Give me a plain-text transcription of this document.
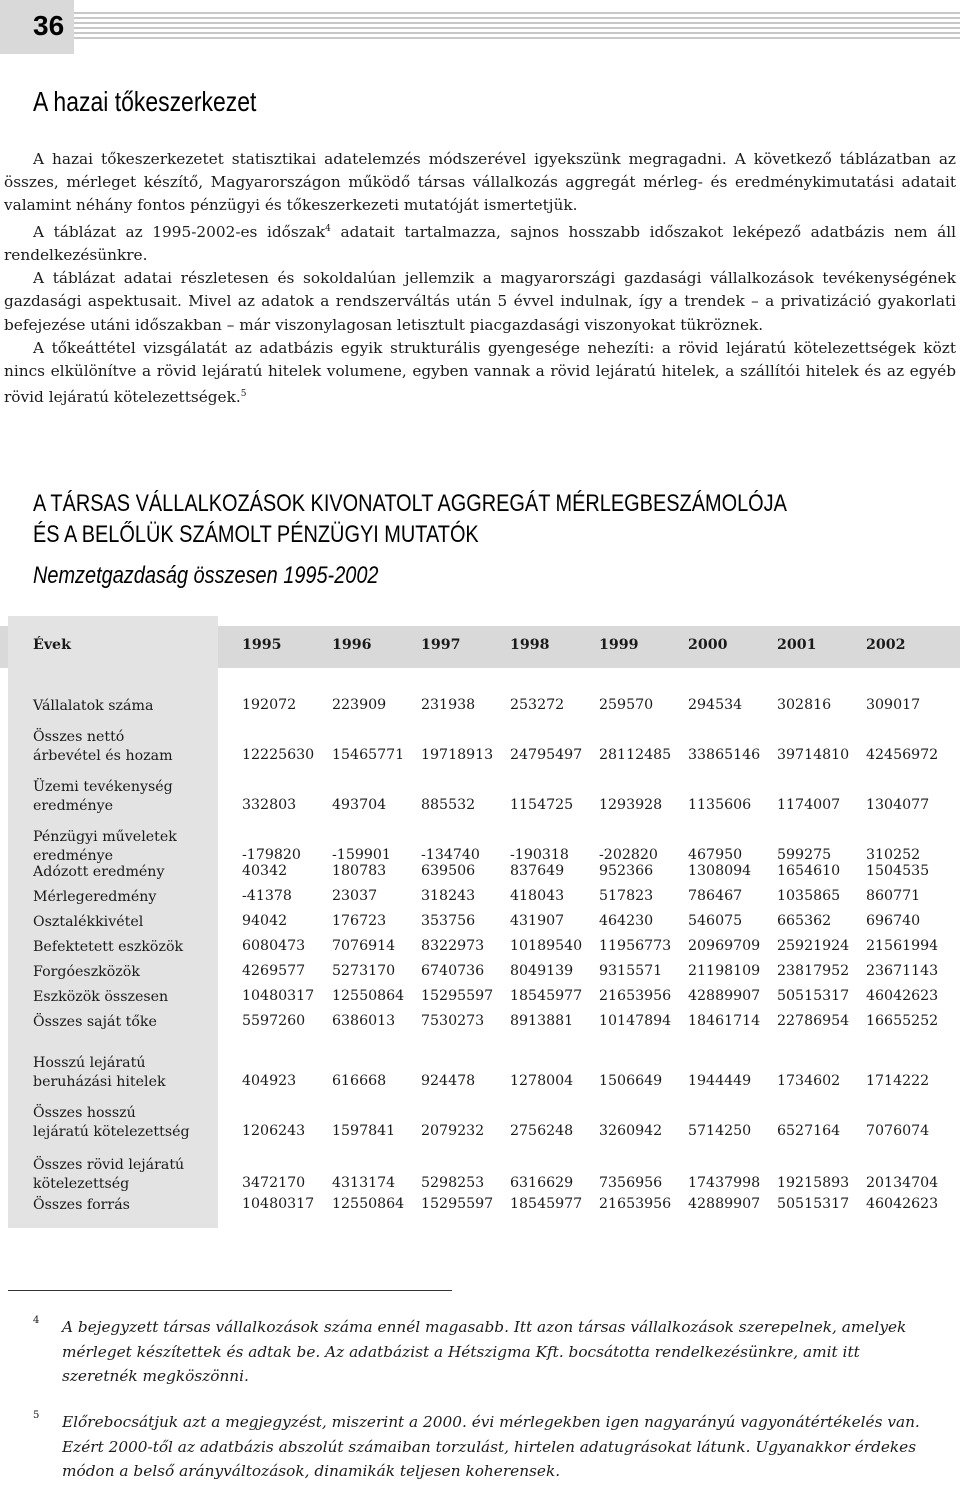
36
A hazai tőkeszerkezet

A hazai tőkeszerkezetet statisztikai adatelemzés módszerével igyekszünk megragadni. A következő táblázatban az összes, mérleget készítő, Magyarországon működő társas vállalkozás aggregát mérleg- és eredménykimutatási adatait valamint néhány fontos pénzügyi és tőkeszerkezeti mutatóját ismertetjük.

A táblázat az 1995-2002-es időszak$^4$ adatait tartalmazza, sajnos hosszabb időszakot leképező adatbázis nem áll rendelkezésünkre.

A táblázat adatai részletesen és sokoldalúan jellemzik a magyarországi gazdasági vállalkozások tevékenységének gazdasági aspektusait. Mivel az adatok a rendszerváltás után 5 évvel indulnak, így a trendek – a privatizáció gyakorlati befejezése utáni időszakban – már viszonylagosan letisztult piacgazdasági viszonyokat tükröznek.

A tőkeáttétel vizsgálatát az adatbázis egyik strukturális gyengesége nehezíti: a rövid lejáratú kötelezettségek közt nincs elkülönítve a rövid lejáratú hitelek volumene, egyben vannak a rövid lejáratú hitelek, a szállítói hitelek és az egyéb rövid lejáratú kötelezettségek.$^5$

A TÁRSAS VÁLLALKOZÁSOK KIVONATOLT AGGREGÁT MÉRLEGBESZÁMOLÓJA
ÉS A BELŐLÜK SZÁMOLT PÉNZÜGYI MUTATÓK
Nemzetgazdaság összesen 1995-2002
Évek	1995	1996	1997	1998	1999	2000	2001	2002
Vállalatok száma	192072	223909 231938 253272 259570 294534 302816 309017
Összes nettó
árbevétel és hozam	12225630 15465771 19718913 24795497 28112485 33865146 39714810 42456972
Üzemi tevékenység
eredménye	332803	493704 885532 1154725 1293928 1135606 1174007 1304077
Pénzügyi műveletek
eredménye	-179820 -159901 -134740 -190318 -202820 467950 599275 310252
Adózott eredmény	40342	180783 639506 837649 952366 1308094 1654610 1504535
Mérlegeredmény	-41378	23037	318243 418043 517823 786467 1035865 860771
Osztalékkivétel	94042	176723 353756 431907 464230 546075 665362 696740
Befektetett eszközök	6080473 7076914 8322973 10189540 11956773 20969709 25921924 21561994
Forgóeszközök	4269577 5273170 6740736 8049139 9315571 21198109 23817952 23671143
Eszközök összesen	10480317 12550864 15295597 18545977 21653956 42889907 50515317 46042623
Összes saját tőke	5597260 6386013 7530273 8913881 10147894 18461714 22786954 16655252
Hosszú lejáratú
beruházási hitelek	404923	616668 924478 1278004 1506649 1944449 1734602 1714222
Összes hosszú
lejáratú kötelezettség	1206243 1597841 2079232 2756248 3260942 5714250 6527164 7076074
Összes rövid lejáratú
kötelezettség	3472170 4313174 5298253 6316629 7356956 17437998 19215893 20134704
Összes forrás	10480317 12550864 15295597 18545977 21653956 42889907 50515317 46042623
4 A bejegyzett társas vállalkozások száma ennél magasabb. Itt azon társas vállalkozások szerepelnek, amelyek mérleget készítettek és adtak be. Az adatbázist a Hétszigma Kft. bocsátotta rendelkezésünkre, amit itt szeretnék megköszönni.
5 Előrebocsátjuk azt a megjegyzést, miszerint a 2000. évi mérlegekben igen nagyarányú vagyonátértékelés van. Ezért 2000-től az adatbázis abszolút számaiban torzulást, hirtelen adatugrásokat látunk. Ugyanakkor érdekes módon a belső arányváltozások, dinamikák teljesen koherensek.
